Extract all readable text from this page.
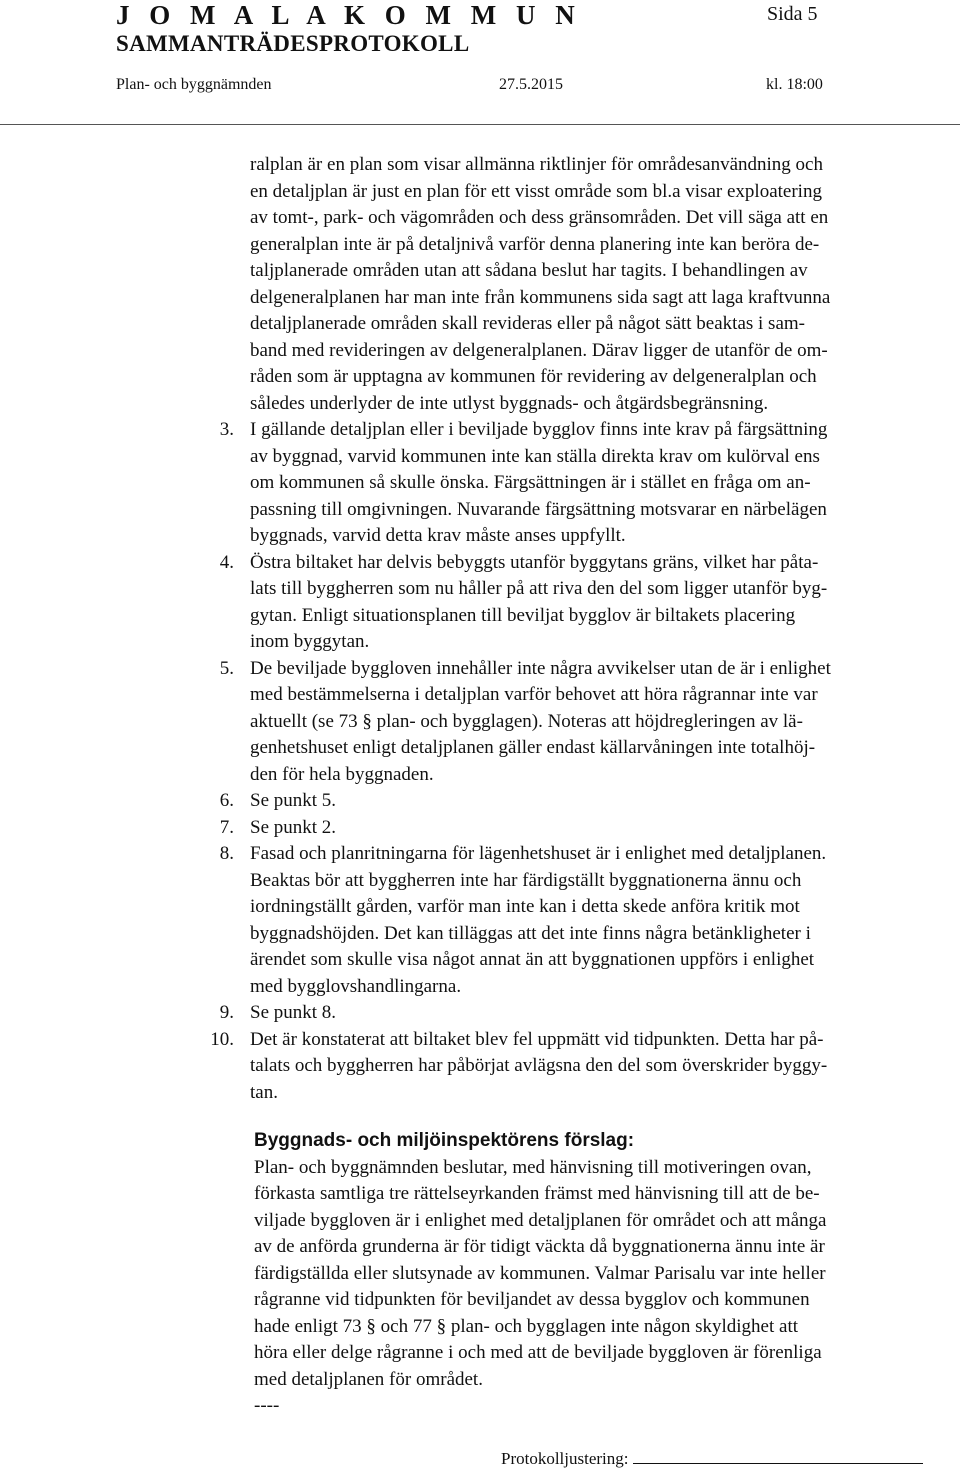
J O M A L A K O M M U N	Sida 5
SAMMANTRÄDESPROTOKOLL
Plan- och byggnämnden	27.5.2015	kl. 18:00
ralplan är en plan som visar allmänna riktlinjer för områdesanvändning och
en detaljplan är just en plan för ett visst område som bl.a visar exploatering
av tomt-, park- och vägområden och dess gränsområden. Det vill säga att en
generalplan inte är på detaljnivå varför denna planering inte kan beröra de-
taljplanerade områden utan att sådana beslut har tagits. I behandlingen av
delgeneralplanen har man inte från kommunens sida sagt att laga kraftvunna
detaljplanerade områden skall revideras eller på något sätt beaktas i sam-
band med revideringen av delgeneralplanen. Därav ligger de utanför de om-
råden som är upptagna av kommunen för revidering av delgeneralplan och
således underlyder de inte utlyst byggnads- och åtgärdsbegränsning.
3. I gällande detaljplan eller i beviljade bygglov finns inte krav på färgsättning
av byggnad, varvid kommunen inte kan ställa direkta krav om kulörval ens
om kommunen så skulle önska. Färgsättningen är i stället en fråga om an-
passning till omgivningen. Nuvarande färgsättning motsvarar en närbelägen
byggnads, varvid detta krav måste anses uppfyllt.
4. Östra biltaket har delvis bebyggts utanför byggytans gräns, vilket har påta-
lats till byggherren som nu håller på att riva den del som ligger utanför byg-
gytan. Enligt situationsplanen till beviljat bygglov är biltakets placering
inom byggytan.
5. De beviljade byggloven innehåller inte några avvikelser utan de är i enlighet
med bestämmelserna i detaljplan varför behovet att höra rågrannar inte var
aktuellt (se 73 § plan- och bygglagen). Noteras att höjdregleringen av lä-
genhetshuset enligt detaljplanen gäller endast källarvåningen inte totalhöj-
den för hela byggnaden.
6. Se punkt 5.
7. Se punkt 2.
8. Fasad och planritningarna för lägenhetshuset är i enlighet med detaljplanen.
Beaktas bör att byggherren inte har färdigställt byggnationerna ännu och
iordningställt gården, varför man inte kan i detta skede anföra kritik mot
byggnadshöjden. Det kan tilläggas att det inte finns några betänkligheter i
ärendet som skulle visa något annat än att byggnationen uppförs i enlighet
med bygglovshandlingarna.
9. Se punkt 8.
10. Det är konstaterat att biltaket blev fel uppmätt vid tidpunkten. Detta har på-
talats och byggherren har påbörjat avlägsna den del som överskrider byggy-
tan.
Byggnads- och miljöinspektörens förslag:
Plan- och byggnämnden beslutar, med hänvisning till motiveringen ovan,
förkasta samtliga tre rättelseyrkanden främst med hänvisning till att de be-
viljade byggloven är i enlighet med detaljplanen för området och att många
av de anförda grunderna är för tidigt väckta då byggnationerna ännu inte är
färdigställda eller slutsynade av kommunen. Valmar Parisalu var inte heller
rågranne vid tidpunkten för beviljandet av dessa bygglov och kommunen
hade enligt 73 § och 77 § plan- och bygglagen inte någon skyldighet att
höra eller delge rågranne i och med att de beviljade byggloven är förenliga
med detaljplanen för området.
----
Protokolljustering:
